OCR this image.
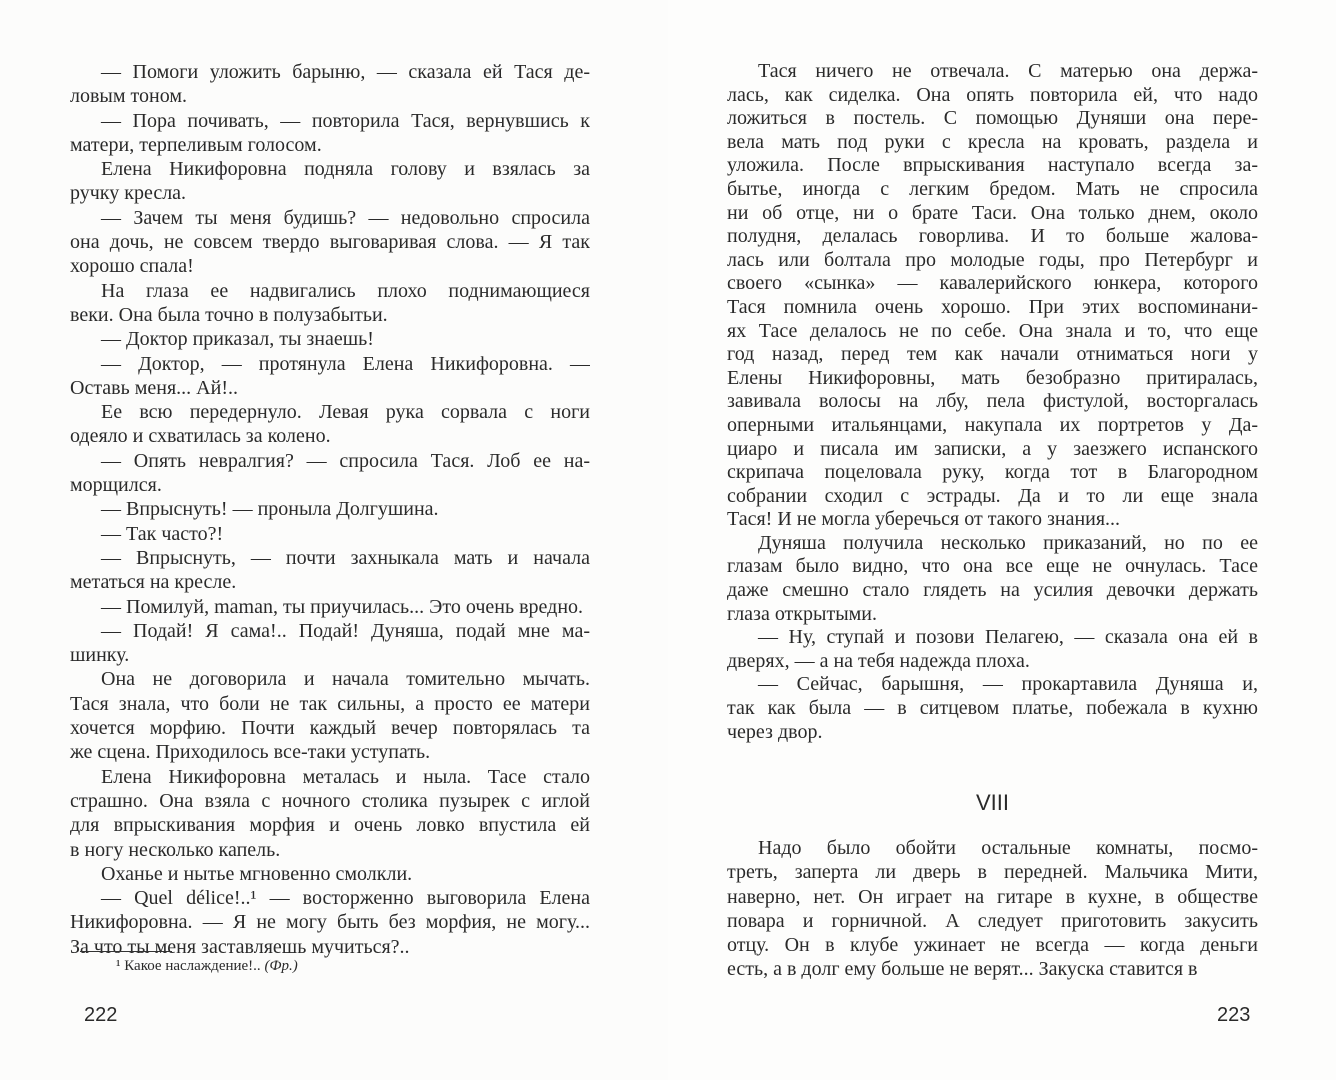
— Помоги уложить барыню, — сказала ей Тася де-
ловым тоном.
— Пора почивать, — повторила Тася, вернувшись к
матери, терпеливым голосом.
Елена Никифоровна подняла голову и взялась за
ручку кресла.
— Зачем ты меня будишь? — недовольно спросила
она дочь, не совсем твердо выговаривая слова. — Я так
хорошо спала!
На глаза ее надвигались плохо поднимающиеся
веки. Она была точно в полузабытьи.
— Доктор приказал, ты знаешь!
— Доктор, — протянула Елена Никифоровна. —
Оставь меня... Ай!..
Ее всю передернуло. Левая рука сорвала с ноги
одеяло и схватилась за колено.
— Опять невралгия? — спросила Тася. Лоб ее на-
морщился.
— Впрыснуть! — проныла Долгушина.
— Так часто?!
— Впрыснуть, — почти захныкала мать и начала
метаться на кресле.
— Помилуй, maman, ты приучилась... Это очень вредно.
— Подай! Я сама!.. Подай! Дуняша, подай мне ма-
шинку.
Она не договорила и начала томительно мычать.
Тася знала, что боли не так сильны, а просто ее матери
хочется морфию. Почти каждый вечер повторялась та
же сцена. Приходилось все-таки уступать.
Елена Никифоровна металась и ныла. Тасе стало
страшно. Она взяла с ночного столика пузырек с иглой
для впрыскивания морфия и очень ловко впустила ей
в ногу несколько капель.
Оханье и нытье мгновенно смолкли.
— Quel délice!..¹ — восторженно выговорила Елена
Никифоровна. — Я не могу быть без морфия, не могу...
За что ты меня заставляешь мучиться?..
¹ Какое наслаждение!.. (Фр.)
222
Тася ничего не отвечала. С матерью она держа-
лась, как сиделка. Она опять повторила ей, что надо
ложиться в постель. С помощью Дуняши она пере-
вела мать под руки с кресла на кровать, раздела и
уложила. После впрыскивания наступало всегда за-
бытье, иногда с легким бредом. Мать не спросила
ни об отце, ни о брате Таси. Она только днем, около
полудня, делалась говорлива. И то больше жалова-
лась или болтала про молодые годы, про Петербург и
своего «сынка» — кавалерийского юнкера, которого
Тася помнила очень хорошо. При этих воспоминани-
ях Тасе делалось не по себе. Она знала и то, что еще
год назад, перед тем как начали отниматься ноги у
Елены Никифоровны, мать безобразно притиралась,
завивала волосы на лбу, пела фистулой, восторгалась
оперными итальянцами, накупала их портретов у Да-
циаро и писала им записки, а у заезжего испанского
скрипача поцеловала руку, когда тот в Благородном
собрании сходил с эстрады. Да и то ли еще знала
Тася! И не могла уберечься от такого знания...
Дуняша получила несколько приказаний, но по ее
глазам было видно, что она все еще не очнулась. Тасе
даже смешно стало глядеть на усилия девочки держать
глаза открытыми.
— Ну, ступай и позови Пелагею, — сказала она ей в
дверях, — а на тебя надежда плоха.
— Сейчас, барышня, — прокартавила Дуняша и,
так как была — в ситцевом платье, побежала в кухню
через двор.
VIII
Надо было обойти остальные комнаты, посмо-
треть, заперта ли дверь в передней. Мальчика Мити,
наверно, нет. Он играет на гитаре в кухне, в обществе
повара и горничной. А следует приготовить закусить
отцу. Он в клубе ужинает не всегда — когда деньги
есть, а в долг ему больше не верят... Закуска ставится в
223
